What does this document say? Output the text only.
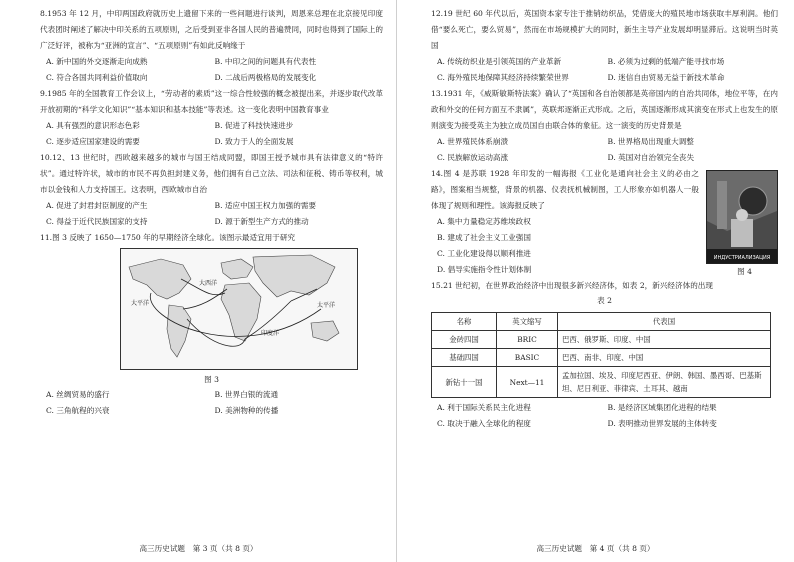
8.1953 年 12 月，中印两国政府就历史上遗留下来的一些问题进行谈判，周恩来总理在北京接见印度代表团时阐述了解决中印关系的五项原则，之后受到亚非各国人民的普遍赞同，同时也得到了国际上的广泛好评，被称为“亚洲的宣言”、“五项原则”有如此反响缘于

A. 新中国的外交逐渐走向成熟	B. 中印之间的问题具有代表性
C. 符合各国共同利益价值取向	D. 二战后两极格局的发展变化

9.1985 年的全国教育工作会议上，“劳动者的素质”这一综合性较强的概念被提出来，并逐步取代改革开放初期的“科学文化知识”“基本知识和基本技能”等表述。这一变化表明中国教育事业

A. 具有强烈的意识形态色彩	B. 促进了科技快速进步
C. 逐步适应国家建设的需要	D. 致力于人的全面发展

10.12、13 世纪时，西欧越来越多的城市与国王结成同盟，即国王授予城市具有法律意义的“特许状”。通过特许状，城市的市民不再负担封建义务，他们拥有自己立法、司法和征税、铸币等权利，城市以金钱和人力支持国王。这表明，西欧城市自治

A. 促进了封君封臣制度的产生	B. 适应中国王权力加强的需要
C. 得益于近代民族国家的支持	D. 源于新型生产方式的推动

11.图 3 反映了 1650—1750 年的早期经济全球化。该图示最适宜用于研究

大西洋
印度洋
太平洋
大平洋
图 3
A. 丝绸贸易的盛行	B. 世界白银的流通
C. 三角航程的兴衰	D. 美洲物种的传播
高三历史试题　第 3 页（共 8 页）

12.19 世纪 60 年代以后，英国资本家专注于推销纺织品，凭借庞大的殖民地市场获取丰厚利润。他们借“要么死亡，要么贸易”，然而在市场规模扩大的同时，新生主导产业发展却明显滞后。这说明当时英国

A. 传统纺织业是引领英国的产业革新	B. 必须为过剩的低端产能寻找市场
C. 海外殖民地保障其经济持续繁荣世界	D. 迷信自由贸易无益于新技术革命

13.1931 年，《威斯敏斯特法案》确认了“英国和各自治领都是英帝国内的自治共同体，地位平等，在内政和外交的任何方面互不隶属”，英联邦逐渐正式形成。之后，英国逐渐形成其演变在形式上也发生的原则演变为接受英主为独立成员国自由联合体的象征。这一演变的历史背景是

A. 世界殖民体系崩溃	B. 世界格局出现重大调整
C. 民族解放运动高涨	D. 英国对自治领完全丧失

14.图 4 是苏联 1928 年印发的一幅海报《工业化是通向社会主义的必由之路》，图案相当规整，背景的机器、仪表抚机械制图，工人形象亦如机器人一般体现了规则和理性。该海报反映了

A. 集中力量稳定苏维埃政权
B. 建成了社会主义工业强国
C. 工业化建设得以顺利推进
D. 倡导实施指令性计划体制
ИНДУСТРИАЛИЗАЦИЯ
图 4

15.21 世纪初，在世界政治经济中出现很多新兴经济体，如表 2，新兴经济体的出现

表 2
名称	英文缩写	代表国
金砖四国	BRIC	巴西、俄罗斯、印度、中国
基础四国	BASIC	巴西、南非、印度、中国
新钻十一国	Next—11	孟加拉国、埃及、印度尼西亚、伊朗、韩国、墨西哥、巴基斯坦、尼日利亚、菲律宾、土耳其、越南
A. 利于国际关系民主化进程	B. 是经济区域集团化进程的结果
C. 取决于融入全球化的程度	D. 表明推动世界发展的主体转变
高三历史试题　第 4 页（共 8 页）
